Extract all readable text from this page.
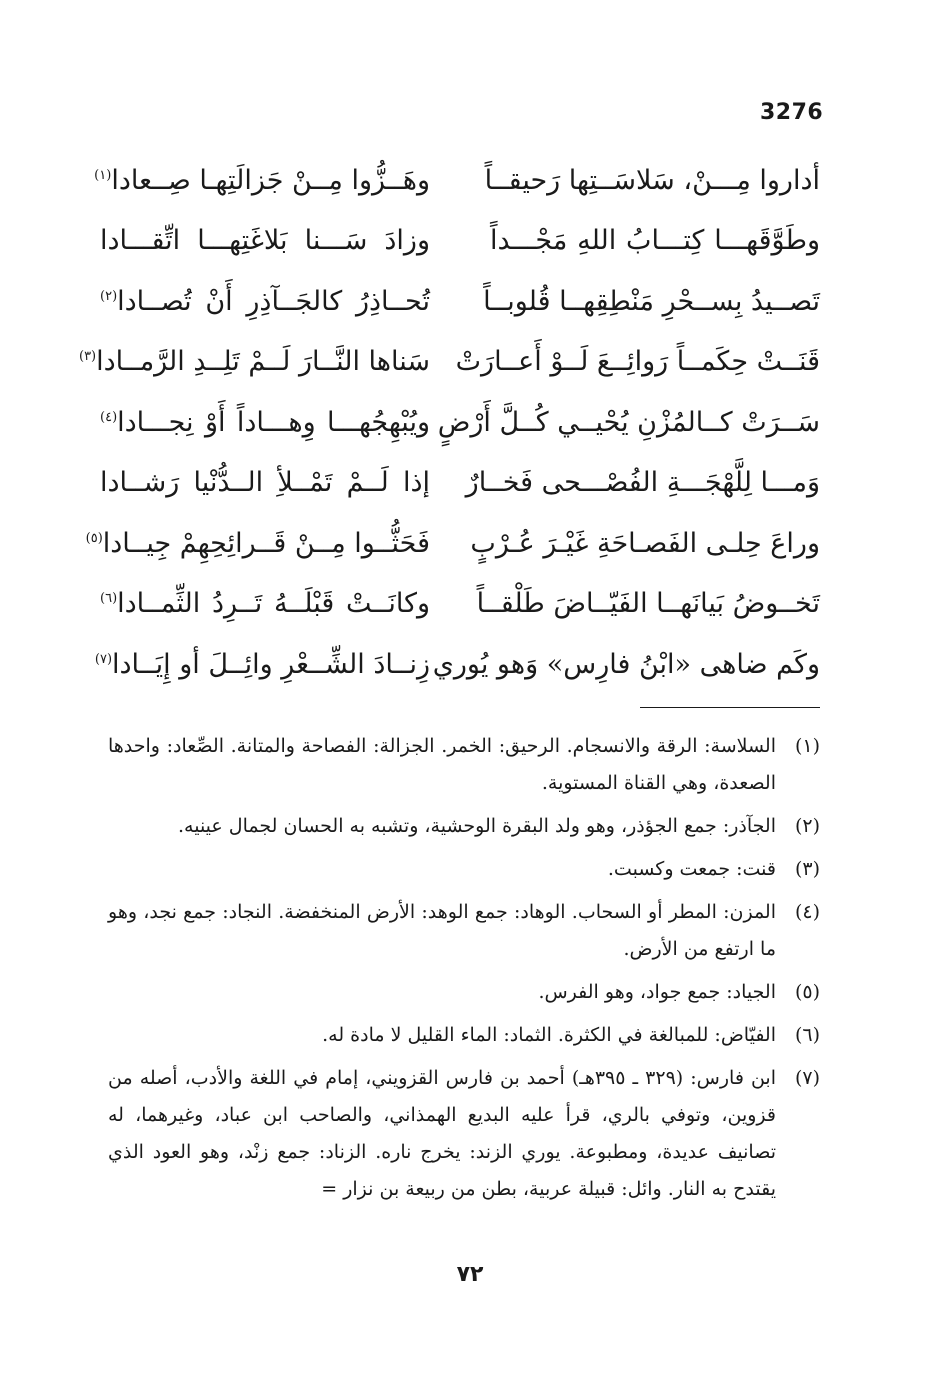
3276
أداروا مِـــنْ، سَلاسَــتِها رَحيقــاً
وهَــزُّوا مِــنْ جَزالَتِهـا صِــعادا$^{(١)}$
وطَوَّقَهـــا كِتـــابُ اللهِ مَجْـــداً
وزادَ سَـــنا بَلاغَتِهـــا اتِّقـــادا
تَصــيدُ بِســحْرِ مَنْطِقِهــا قُلوبــاً
تُحــاذِرُ كالجَــآذِرِ أَنْ تُصــادا$^{(٢)}$
قَنَــتْ حِكَمــاً رَوائِــعَ لَــوْ أَعــارَتْ
سَناها النَّــارَ لَــمْ تَلِــدِ الرَّمــادا$^{(٣)}$
سَــرَتْ كــالمُزْنِ يُحْيــي كُــلَّ أَرْضٍ
ويُبْهِجُهـــا وِهـــاداً أَوْ نِجـــادا$^{(٤)}$
وَمـــا لِلَّهْجَـــةِ الفُصْـــحى فَخــارٌ
إذا لَــمْ تَمْــلأِ الــدُّنْيا رَشــادا
وراعَ حِلـى الفَصـاحَةِ غَيْـرَ عُـرْبٍ
فَحَثُّــوا مِــنْ قَــرائِحِهِمْ جِيــادا$^{(٥)}$
تَخــوضُ بَيانَهــا الفَيّــاضَ طَلْقــاً
وكانَــتْ قَبْلَــهُ تَــرِدُ الثِّمــادا$^{(٦)}$
وكَم ضاهى «ابْنُ فارِس» وَهو يُوري
زِنــادَ الشِّــعْرِ وائِــلَ أو إِيَــادا$^{(٧)}$
(١)
السلاسة: الرقة والانسجام. الرحيق: الخمر. الجزالة: الفصاحة والمتانة. الصِّعاد: واحدها الصعدة، وهي القناة المستوية.
(٢)
الجآذر: جمع الجؤذر، وهو ولد البقرة الوحشية، وتشبه به الحسان لجمال عينيه.
(٣)
قنت: جمعت وكسبت.
(٤)
المزن: المطر أو السحاب. الوهاد: جمع الوهد: الأرض المنخفضة. النجاد: جمع نجد، وهو ما ارتفع من الأرض.
(٥)
الجياد: جمع جواد، وهو الفرس.
(٦)
الفيّاض: للمبالغة في الكثرة. الثماد: الماء القليل لا مادة له.
(٧)
ابن فارس: (٣٢٩ ـ ٣٩٥هـ) أحمد بن فارس القزويني، إمام في اللغة والأدب، أصله من قزوين، وتوفي بالري، قرأ عليه البديع الهمذاني، والصاحب ابن عباد، وغيرهما، له تصانيف عديدة، ومطبوعة. يوري الزند: يخرج ناره. الزناد: جمع زنْد، وهو العود الذي يقتدح به النار. وائل: قبيلة عربية، بطن من ربيعة بن نزار =
٧٢
